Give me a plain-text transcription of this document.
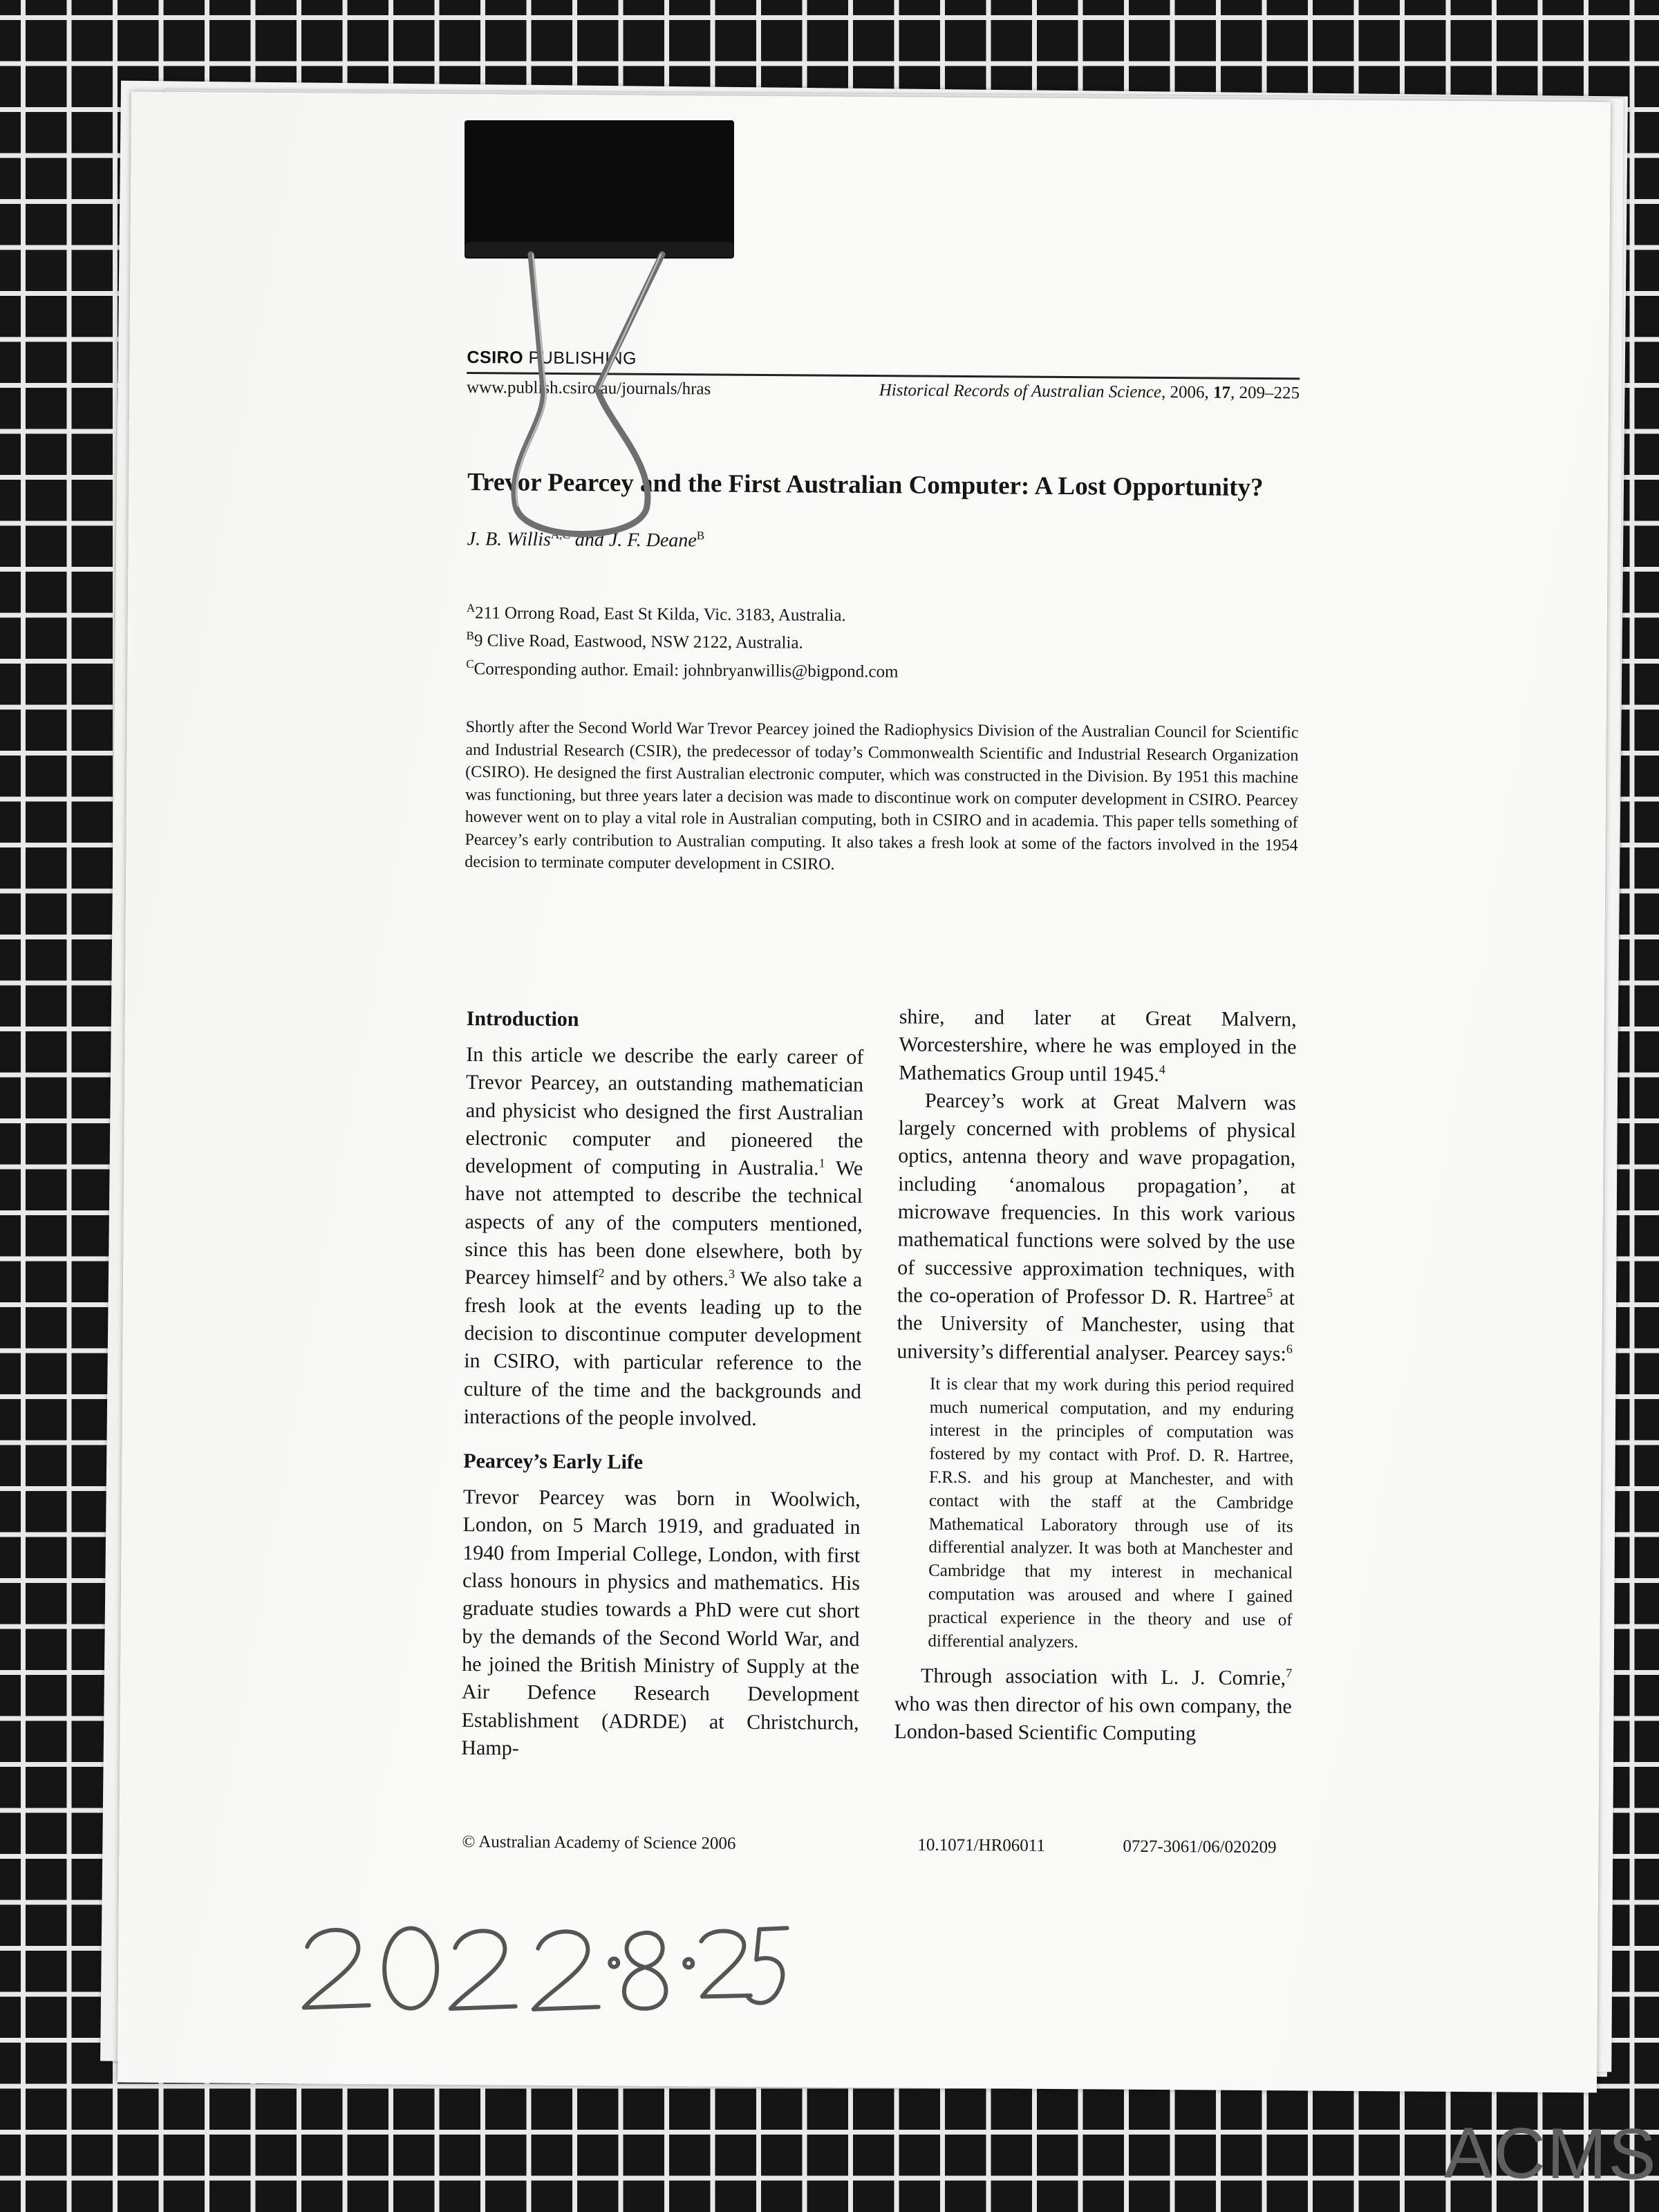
CSIRO PUBLISHING
www.publish.csiro.au/journals/hras	Historical Records of Australian Science, 2006, 17, 209–225
Trevor Pearcey and the First Australian Computer: A Lost Opportunity?
J. B. Willis$^{A,C}$ and J. F. Deane$^B$
$^A$211 Orrong Road, East St Kilda, Vic. 3183, Australia.
$^B$9 Clive Road, Eastwood, NSW 2122, Australia.
$^C$Corresponding author. Email: johnbryanwillis@bigpond.com
Shortly after the Second World War Trevor Pearcey joined the Radiophysics Division of the Australian Council for Scientific and Industrial Research (CSIR), the predecessor of today’s Commonwealth Scientific and Industrial Research Organization (CSIRO). He designed the first Australian electronic computer, which was constructed in the Division. By 1951 this machine was functioning, but three years later a decision was made to discontinue work on computer development in CSIRO. Pearcey however went on to play a vital role in Australian computing, both in CSIRO and in academia. This paper tells something of Pearcey’s early contribution to Australian computing. It also takes a fresh look at some of the factors involved in the 1954 decision to terminate computer development in CSIRO.
Introduction

In this article we describe the early career of Trevor Pearcey, an outstanding mathematician and physicist who designed the first Australian electronic computer and pioneered the development of computing in Australia.$^1$ We have not attempted to describe the technical aspects of any of the computers mentioned, since this has been done elsewhere, both by Pearcey himself$^2$ and by others.$^3$ We also take a fresh look at the events leading up to the decision to discontinue computer development in CSIRO, with particular reference to the culture of the time and the backgrounds and interactions of the people involved.

Pearcey’s Early Life

Trevor Pearcey was born in Woolwich, London, on 5 March 1919, and graduated in 1940 from Imperial College, London, with first class honours in physics and mathematics. His graduate studies towards a PhD were cut short by the demands of the Second World War, and he joined the British Ministry of Supply at the Air Defence Research Development Establishment (ADRDE) at Christchurch, Hamp-

shire, and later at Great Malvern, Worcestershire, where he was employed in the Mathematics Group until 1945.$^4$

Pearcey’s work at Great Malvern was largely concerned with problems of physical optics, antenna theory and wave propagation, including ‘anomalous propagation’, at microwave frequencies. In this work various mathematical functions were solved by the use of successive approximation techniques, with the co-operation of Professor D. R. Hartree$^5$ at the University of Manchester, using that university’s differential analyser. Pearcey says:$^6$

It is clear that my work during this period required much numerical computation, and my enduring interest in the principles of computation was fostered by my contact with Prof. D. R. Hartree, F.R.S. and his group at Manchester, and with contact with the staff at the Cambridge Mathematical Laboratory through use of its differential analyzer. It was both at Manchester and Cambridge that my interest in mechanical computation was aroused and where I gained practical experience in the theory and use of differential analyzers.

Through association with L. J. Comrie,$^7$ who was then director of his own company, the London-based Scientific Computing

© Australian Academy of Science 2006	10.1071/HR06011	0727-3061/06/020209
ACMS
